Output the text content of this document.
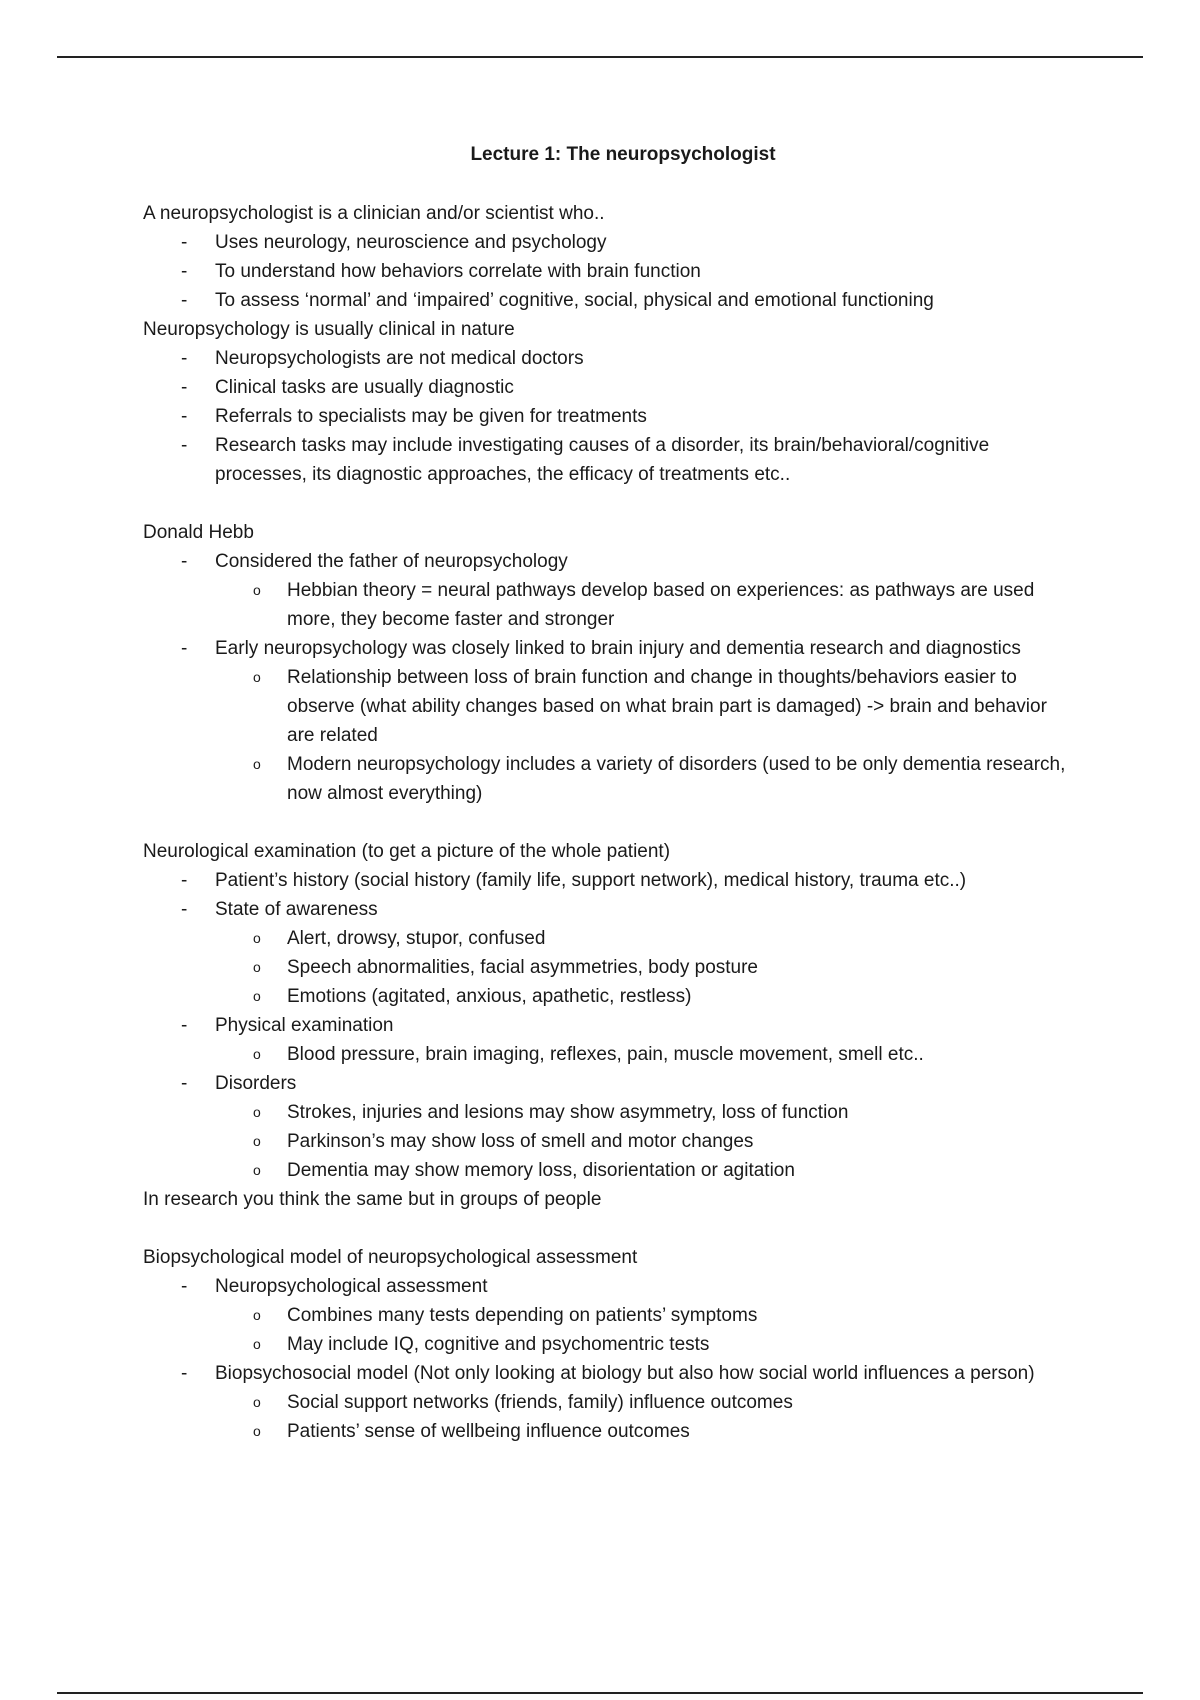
Lecture 1: The neuropsychologist

A neuropsychologist is a clinician and/or scientist who..

- Uses neurology, neuroscience and psychology
- To understand how behaviors correlate with brain function
- To assess ‘normal’ and ‘impaired’ cognitive, social, physical and emotional functioning

Neuropsychology is usually clinical in nature

- Neuropsychologists are not medical doctors
- Clinical tasks are usually diagnostic
- Referrals to specialists may be given for treatments
- Research tasks may include investigating causes of a disorder, its brain/behavioral/cognitive processes, its diagnostic approaches, the efficacy of treatments etc..

Donald Hebb

- Considered the father of neuropsychology
o Hebbian theory = neural pathways develop based on experiences: as pathways are used more, they become faster and stronger
- Early neuropsychology was closely linked to brain injury and dementia research and diagnostics
o Relationship between loss of brain function and change in thoughts/behaviors easier to observe (what ability changes based on what brain part is damaged) -> brain and behavior are related
o Modern neuropsychology includes a variety of disorders (used to be only dementia research, now almost everything)

Neurological examination (to get a picture of the whole patient)

- Patient’s history (social history (family life, support network), medical history, trauma etc..)
- State of awareness
o Alert, drowsy, stupor, confused
o Speech abnormalities, facial asymmetries, body posture
o Emotions (agitated, anxious, apathetic, restless)
- Physical examination
o Blood pressure, brain imaging, reflexes, pain, muscle movement, smell etc..
- Disorders
o Strokes, injuries and lesions may show asymmetry, loss of function
o Parkinson’s may show loss of smell and motor changes
o Dementia may show memory loss, disorientation or agitation

In research you think the same but in groups of people

Biopsychological model of neuropsychological assessment

- Neuropsychological assessment
o Combines many tests depending on patients’ symptoms
o May include IQ, cognitive and psychomentric tests
- Biopsychosocial model (Not only looking at biology but also how social world influences a person)
o Social support networks (friends, family) influence outcomes
o Patients’ sense of wellbeing influence outcomes
